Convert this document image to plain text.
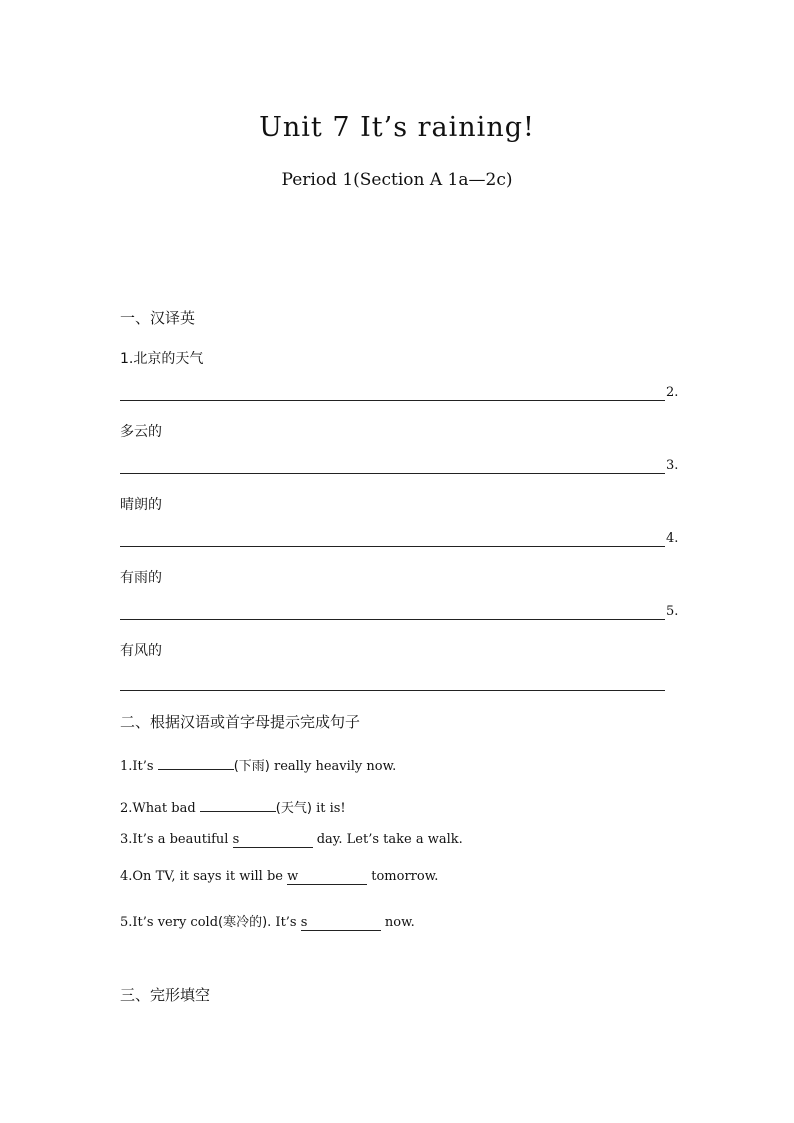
Unit 7 It’s raining!
Period 1(Section A 1a—2c)
一、汉译英
1.北京的天气
2.
多云的
3.
晴朗的
4.
有雨的
5.
有风的
二、根据汉语或首字母提示完成句子
1.It’s	(下雨) really heavily now.
2.What bad	(天气) it is!
3.It’s a beautiful s	day. Let’s take a walk.
4.On TV, it says it will be w	tomorrow.
5.It’s very cold(寒冷的). It’s s	now.
三、完形填空
